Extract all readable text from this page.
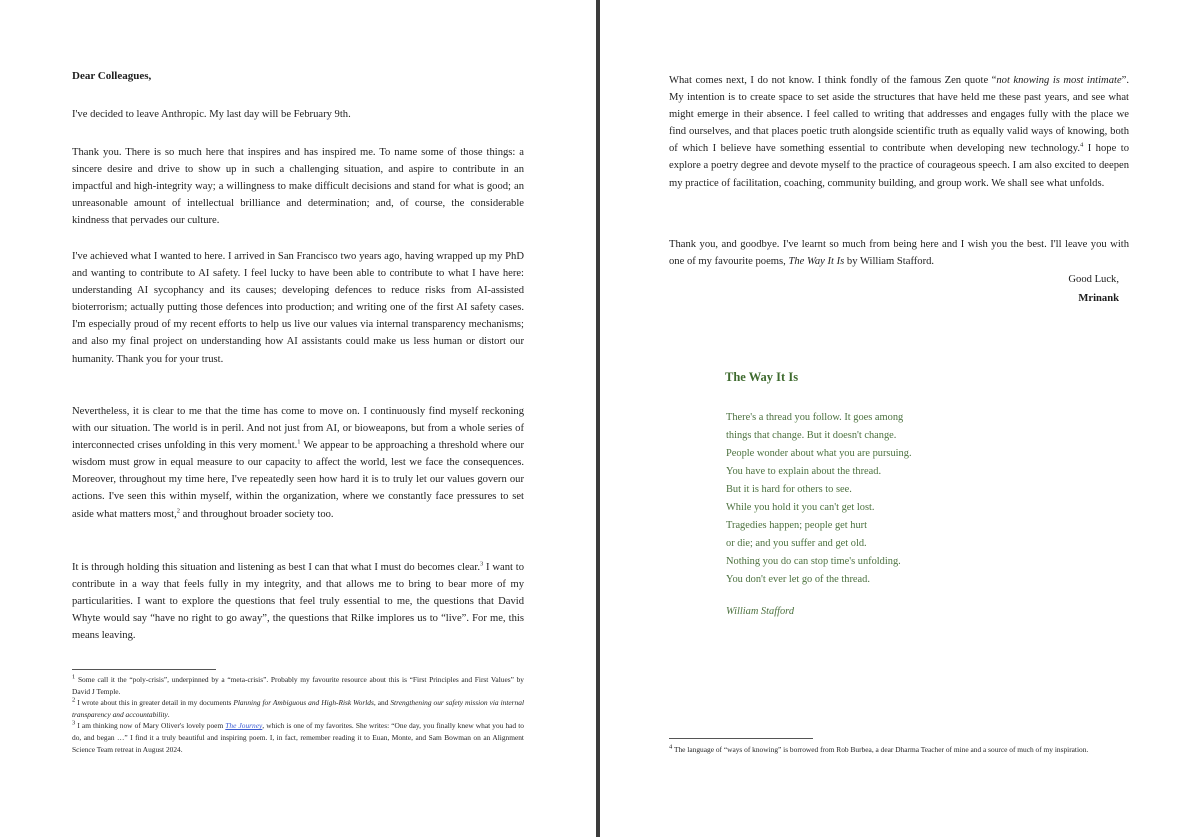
Dear Colleagues,

I've decided to leave Anthropic. My last day will be February 9th.

Thank you. There is so much here that inspires and has inspired me. To name some of those things: a sincere desire and drive to show up in such a challenging situation, and aspire to contribute in an impactful and high-integrity way; a willingness to make difficult decisions and stand for what is good; an unreasonable amount of intellectual brilliance and determination; and, of course, the considerable kindness that pervades our culture.

I've achieved what I wanted to here. I arrived in San Francisco two years ago, having wrapped up my PhD and wanting to contribute to AI safety. I feel lucky to have been able to contribute to what I have here: understanding AI sycophancy and its causes; developing defences to reduce risks from AI-assisted bioterrorism; actually putting those defences into production; and writing one of the first AI safety cases. I'm especially proud of my recent efforts to help us live our values via internal transparency mechanisms; and also my final project on understanding how AI assistants could make us less human or distort our humanity. Thank you for your trust.

Nevertheless, it is clear to me that the time has come to move on. I continuously find myself reckoning with our situation. The world is in peril. And not just from AI, or bioweapons, but from a whole series of interconnected crises unfolding in this very moment.$^1$ We appear to be approaching a threshold where our wisdom must grow in equal measure to our capacity to affect the world, lest we face the consequences. Moreover, throughout my time here, I've repeatedly seen how hard it is to truly let our values govern our actions. I've seen this within myself, within the organization, where we constantly face pressures to set aside what matters most,$^2$ and throughout broader society too.

It is through holding this situation and listening as best I can that what I must do becomes clear.$^3$ I want to contribute in a way that feels fully in my integrity, and that allows me to bring to bear more of my particularities. I want to explore the questions that feel truly essential to me, the questions that David Whyte would say “have no right to go away”, the questions that Rilke implores us to “live”. For me, this means leaving.

$^1$ Some call it the “poly-crisis”, underpinned by a “meta-crisis”. Probably my favourite resource about this is “First Principles and First Values” by David J Temple.

$^2$ I wrote about this in greater detail in my documents Planning for Ambiguous and High-Risk Worlds, and Strengthening our safety mission via internal transparency and accountability.

$^3$ I am thinking now of Mary Oliver's lovely poem The Journey, which is one of my favorites. She writes: “One day, you finally knew what you had to do, and began …” I find it a truly beautiful and inspiring poem. I, in fact, remember reading it to Euan, Monte, and Sam Bowman on an Alignment Science Team retreat in August 2024.

What comes next, I do not know. I think fondly of the famous Zen quote “not knowing is most intimate”. My intention is to create space to set aside the structures that have held me these past years, and see what might emerge in their absence. I feel called to writing that addresses and engages fully with the place we find ourselves, and that places poetic truth alongside scientific truth as equally valid ways of knowing, both of which I believe have something essential to contribute when developing new technology.$^4$ I hope to explore a poetry degree and devote myself to the practice of courageous speech. I am also excited to deepen my practice of facilitation, coaching, community building, and group work. We shall see what unfolds.

Thank you, and goodbye. I've learnt so much from being here and I wish you the best. I'll leave you with one of my favourite poems, The Way It Is by William Stafford.

Good Luck,
Mrinank
The Way It Is
There's a thread you follow. It goes among
things that change. But it doesn't change.
People wonder about what you are pursuing.
You have to explain about the thread.
But it is hard for others to see.
While you hold it you can't get lost.
Tragedies happen; people get hurt
or die; and you suffer and get old.
Nothing you do can stop time's unfolding.
You don't ever let go of the thread.
William Stafford

$^4$ The language of “ways of knowing” is borrowed from Rob Burbea, a dear Dharma Teacher of mine and a source of much of my inspiration.
